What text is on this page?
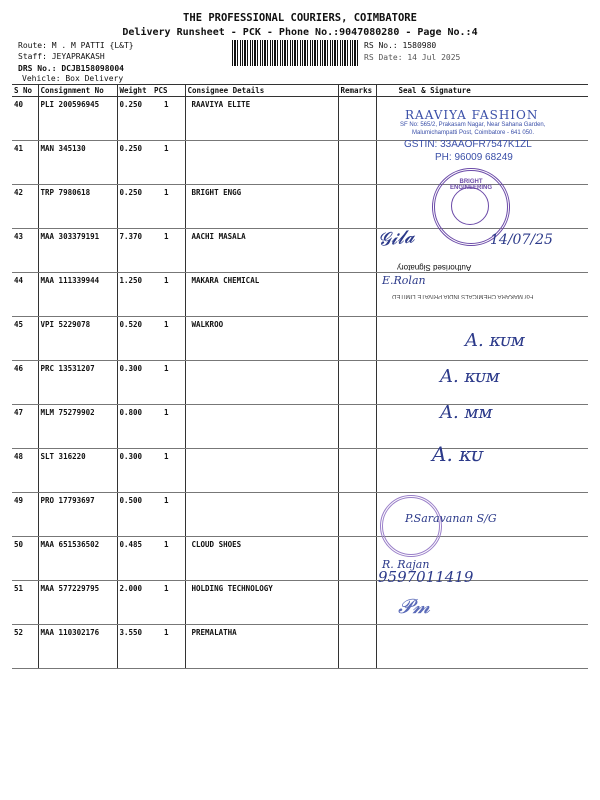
THE PROFESSIONAL COURIERS, COIMBATORE
Delivery Runsheet - PCK - Phone No.:9047080280 - Page No.:4
Route: M . M PATTI {L&T}
Staff: JEYAPRAKASH
DRS No.: DCJB158098004
Vehicle: Box Delivery
RS No.: 1580980
RS Date: 14 Jul 2025
S No	Consignment No	Weight	PCS	Consignee Details	Remarks	Seal & Signature
40	PLI 200596945	0.250	1	RAAVIYA ELITE		
41	MAN 345130	0.250	1			
42	TRP 7980618	0.250	1	BRIGHT ENGG		
43	MAA 303379191	7.370	1	AACHI MASALA		
44	MAA 111339944	1.250	1	MAKARA CHEMICAL		
45	VPI 5229078	0.520	1	WALKROO		
46	PRC 13531207	0.300	1			
47	MLM 75279902	0.800	1			
48	SLT 316220	0.300	1			
49	PRO 17793697	0.500	1			
50	MAA 651536502	0.485	1	CLOUD SHOES		
51	MAA 577229795	2.000	1	HOLDING TECHNOLOGY		
52	MAA 110302176	3.550	1	PREMALATHA		
RAAVIYA FASHION
SF No: 565/2, Prakasam Nagar, Near Sahana Garden,
Malumichampatti Post, Coimbatore - 641 050.
GSTIN: 33AAOFR7547K1ZL
PH: 96009 68249
BRIGHT ENGINEERING
𝓖𝓲𝓵𝓪	14/07/25
Authorised Signatory
E.Rolan
For MAKARA CHEMICALS INDIA PRIVATE LIMITED
A. ᴋᴜᴍ
A. ᴋᴜᴍ
A. ᴍᴍ
A. ᴋᴜ
P.Saravanan S/G
R. Rajan
9597011419
𝓟𝓶
